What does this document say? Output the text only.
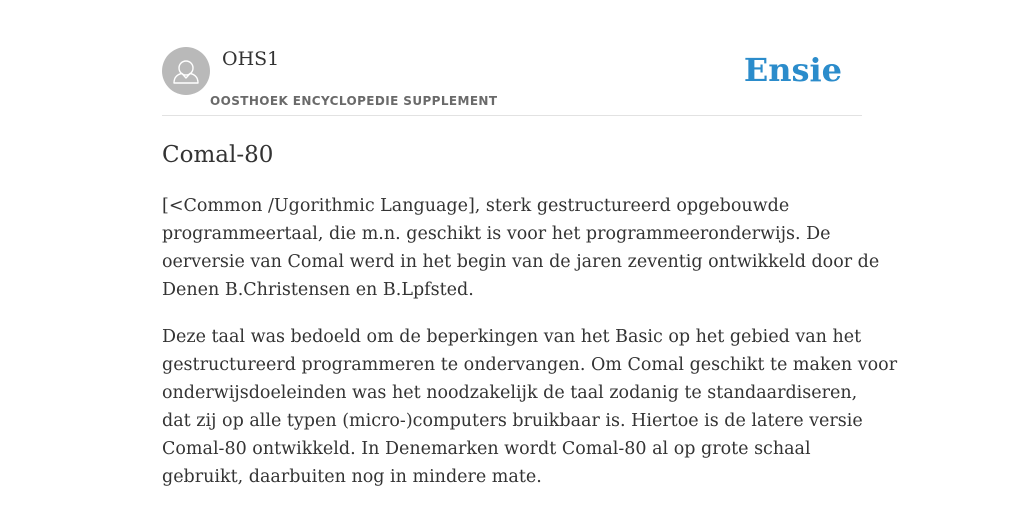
OHS1
OOSTHOEK ENCYCLOPEDIE SUPPLEMENT
Ensie
Comal-80

[<Common /Ugorithmic Language], sterk gestructureerd opgebouwde
programmeertaal, die m.n. geschikt is voor het programmeeronderwijs. De
oerversie van Comal werd in het begin van de jaren zeventig ontwikkeld door de
Denen B.Christensen en B.Lpfsted.

Deze taal was bedoeld om de beperkingen van het Basic op het gebied van het
gestructureerd programmeren te ondervangen. Om Comal geschikt te maken voor
onderwijsdoeleinden was het noodzakelijk de taal zodanig te standaardiseren,
dat zij op alle typen (micro-)computers bruikbaar is. Hiertoe is de latere versie
Comal-80 ontwikkeld. In Denemarken wordt Comal-80 al op grote schaal
gebruikt, daarbuiten nog in mindere mate.
